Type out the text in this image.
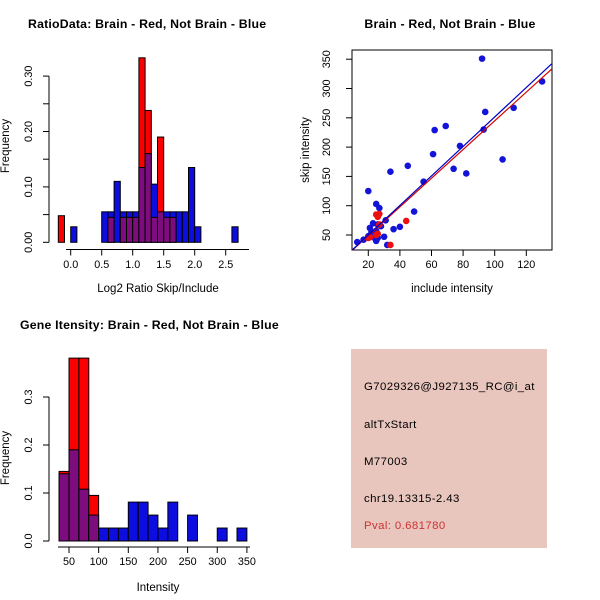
0.00
0.10
0.20
0.30
0.0 0.5 1.0 1.5 2.0 2.5
Log2 Ratio Skip/Include
Frequency
20 40 60 80 100 120
50
100
150
200
250
300
350
include intensity
skip intensity
0.0
0.1
0.2
0.3
50 100 150 200 250 300 350
Intensity
Frequency
RatioData: Brain - Red, Not Brain - Blue	Brain - Red, Not Brain - Blue
Gene Itensity: Brain - Red, Not Brain - Blue
G7029326@J927135_RC@i_at
altTxStart
M77003
chr19.13315-2.43
Pval: 0.681780
